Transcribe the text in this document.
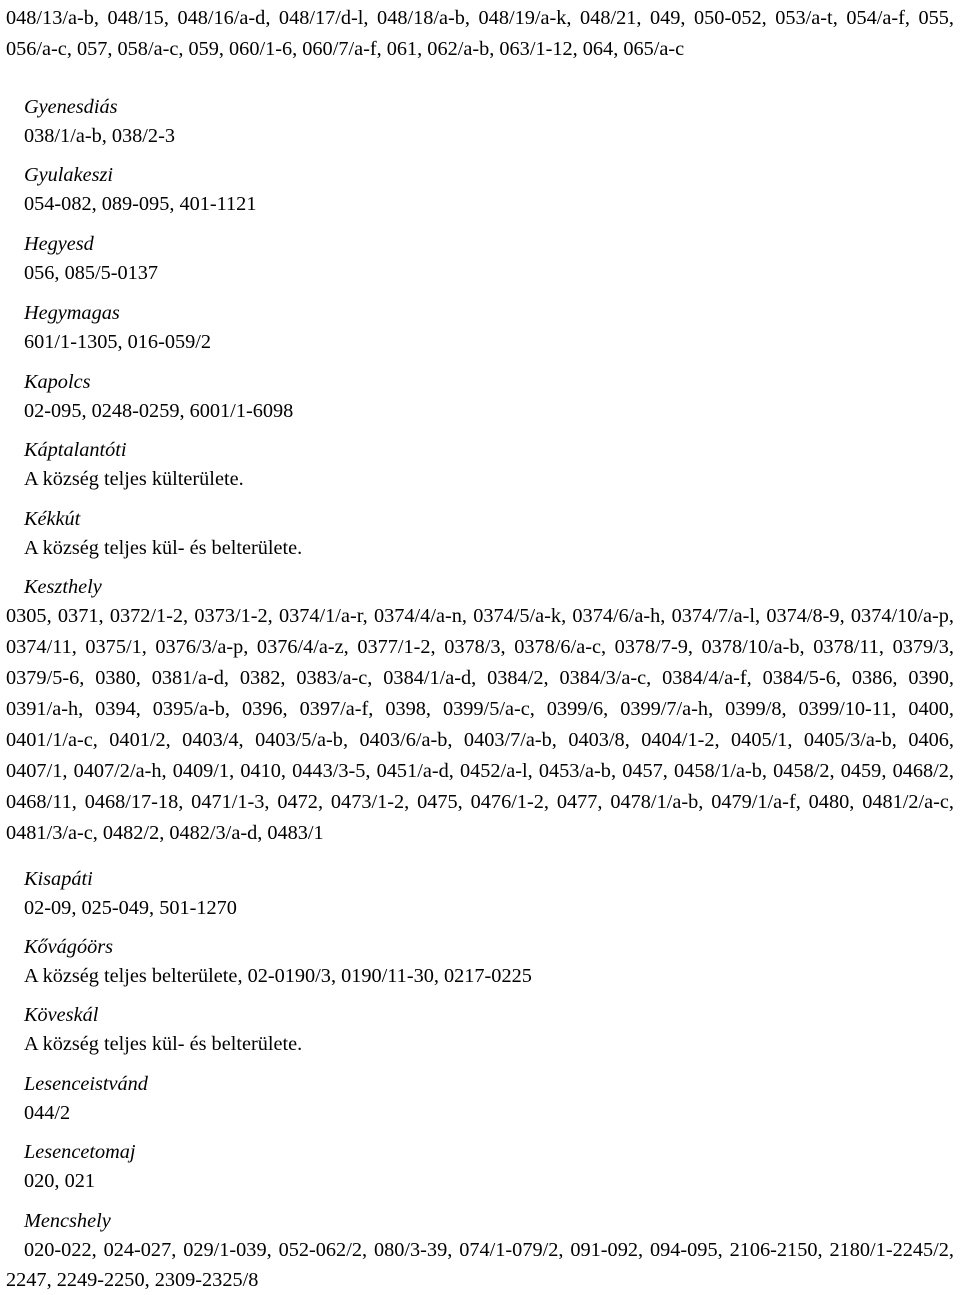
048/13/a-b, 048/15, 048/16/a-d, 048/17/d-l, 048/18/a-b, 048/19/a-k, 048/21, 049, 050-052, 053/a-t, 054/a-f, 055, 056/a-c, 057, 058/a-c, 059, 060/1-6, 060/7/a-f, 061, 062/a-b, 063/1-12, 064, 065/a-c

Gyenesdiás
038/1/a-b, 038/2-3
Gyulakeszi
054-082, 089-095, 401-1121
Hegyesd
056, 085/5-0137
Hegymagas
601/1-1305, 016-059/2
Kapolcs
02-095, 0248-0259, 6001/1-6098
Káptalantóti
A község teljes külterülete.
Kékkút
A község teljes kül- és belterülete.
Keszthely
0305, 0371, 0372/1-2, 0373/1-2, 0374/1/a-r, 0374/4/a-n, 0374/5/a-k, 0374/6/a-h, 0374/7/a-l, 0374/8-9, 0374/10/a-p, 0374/11, 0375/1, 0376/3/a-p, 0376/4/a-z, 0377/1-2, 0378/3, 0378/6/a-c, 0378/7-9, 0378/10/a-b, 0378/11, 0379/3, 0379/5-6, 0380, 0381/a-d, 0382, 0383/a-c, 0384/1/a-d, 0384/2, 0384/3/a-c, 0384/4/a-f, 0384/5-6, 0386, 0390, 0391/a-h, 0394, 0395/a-b, 0396, 0397/a-f, 0398, 0399/5/a-c, 0399/6, 0399/7/a-h, 0399/8, 0399/10-11, 0400, 0401/1/a-c, 0401/2, 0403/4, 0403/5/a-b, 0403/6/a-b, 0403/7/a-b, 0403/8, 0404/1-2, 0405/1, 0405/3/a-b, 0406, 0407/1, 0407/2/a-h, 0409/1, 0410, 0443/3-5, 0451/a-d, 0452/a-l, 0453/a-b, 0457, 0458/1/a-b, 0458/2, 0459, 0468/2, 0468/11, 0468/17-18, 0471/1-3, 0472, 0473/1-2, 0475, 0476/1-2, 0477, 0478/1/a-b, 0479/1/a-f, 0480, 0481/2/a-c, 0481/3/a-c, 0482/2, 0482/3/a-d, 0483/1
Kisapáti
02-09, 025-049, 501-1270
Kővágóörs
A község teljes belterülete, 02-0190/3, 0190/11-30, 0217-0225
Köveskál
A község teljes kül- és belterülete.
Lesenceistvánd
044/2
Lesencetomaj
020, 021
Mencshely
020-022, 024-027, 029/1-039, 052-062/2, 080/3-39, 074/1-079/2, 091-092, 094-095, 2106-2150, 2180/1-2245/2, 2247, 2249-2250, 2309-2325/8
